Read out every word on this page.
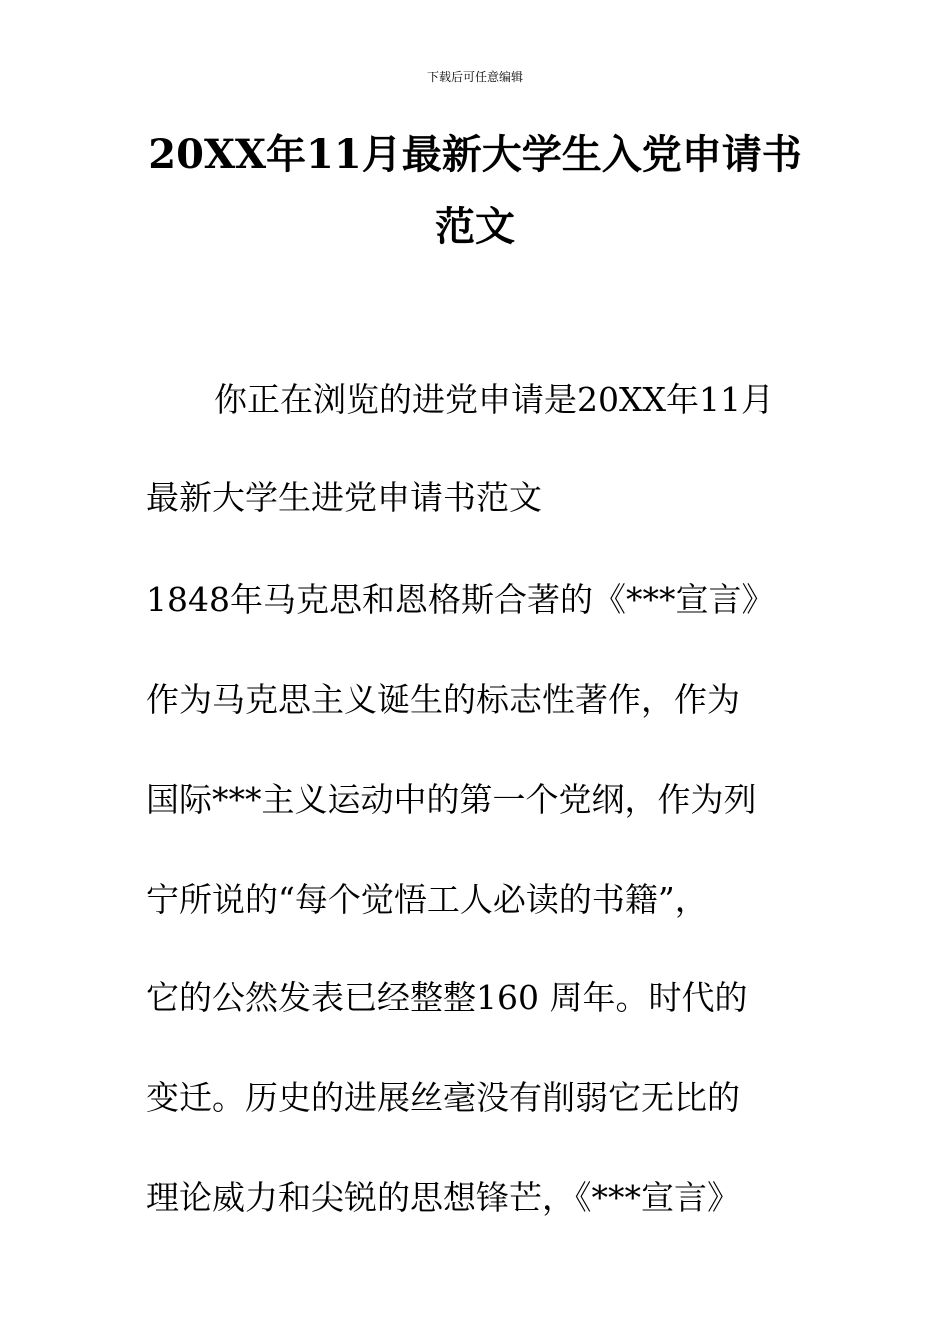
下载后可任意编辑
20XX年11月最新大学生入党申请书
范文
你正在浏览的进党申请是20XX年11月
最新大学生进党申请书范文
1848年马克思和恩格斯合著的《***宣言》
作为马克思主义诞生的标志性著作，作为
国际***主义运动中的第一个党纲，作为列
宁所说的“每个觉悟工人必读的书籍”，
它的公然发表已经整整160 周年。时代的
变迁。历史的进展丝毫没有削弱它无比的
理论威力和尖锐的思想锋芒，《***宣言》
